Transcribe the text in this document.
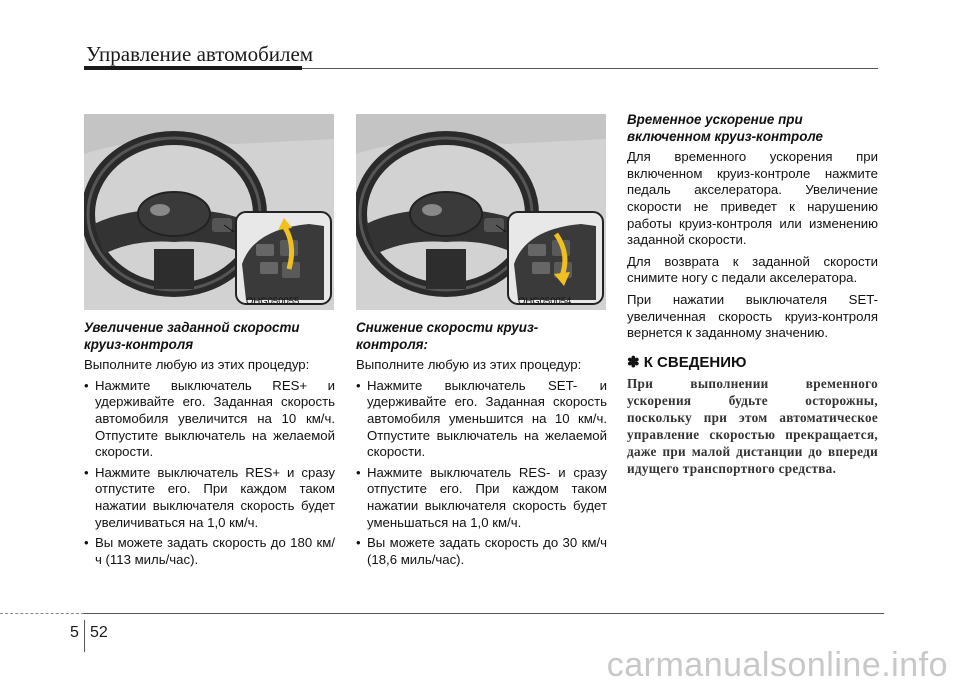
Управление автомобилем
OHG050055	OHG050054

Увеличение заданной скорости круиз-контроля

Выполните любую из этих процедур:

• Нажмите выключатель RES+ и удерживайте его. Заданная скорость автомобиля увеличится на 10 км/ч. Отпустите выключатель на желаемой скорости.
• Нажмите выключатель RES+ и сразу отпустите его. При каждом таком нажатии выключателя скорость будет увеличиваться на 1,0 км/ч.
• Вы можете задать скорость до 180 км/ч (113 миль/час).

Снижение скорости круиз-контроля:

Выполните любую из этих процедур:

• Нажмите выключатель SET- и удерживайте его. Заданная скорость автомобиля уменьшится на 10 км/ч. Отпустите выключатель на желаемой скорости.
• Нажмите выключатель RES- и сразу отпустите его. При каждом таком нажатии выключателя скорость будет уменьшаться на 1,0 км/ч.
• Вы можете задать скорость до 30 км/ч (18,6 миль/час).

Временное ускорение при включенном круиз-контроле

Для временного ускорения при включенном круиз-контроле нажмите педаль акселератора. Увеличение скорости не приведет к нарушению работы круиз-контроля или изменению заданной скорости.

Для возврата к заданной скорости снимите ногу с педали акселератора.

При нажатии выключателя SET-увеличенная скорость круиз-контроля вернется к заданному значению.

✽ К СВЕДЕНИЮ

При выполнении временного ускорения будьте осторожны, поскольку при этом автоматическое управление скоростью прекращается, даже при малой дистанции до впереди идущего транспортного средства.

5 52
carmanualsonline.info
